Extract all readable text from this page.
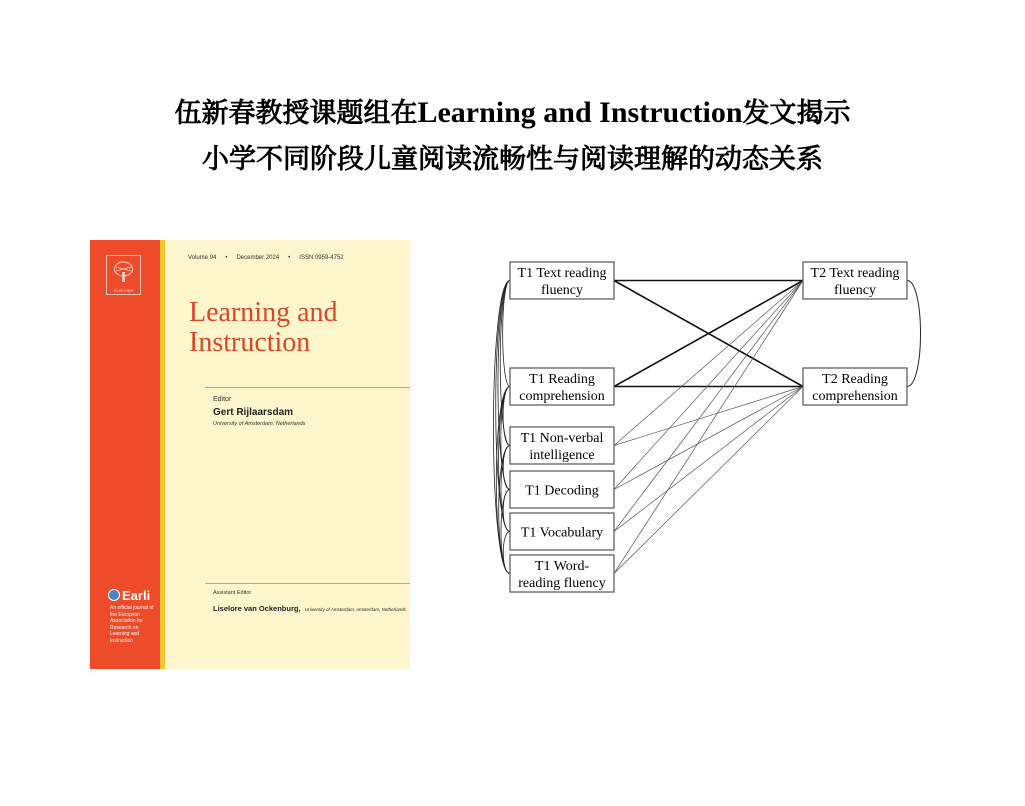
伍新春教授课题组在Learning and Instruction发文揭示
小学不同阶段儿童阅读流畅性与阅读理解的动态关系
ELSEVIER
Volume 94 • December 2024 • ISSN 0959-4752
Learning and
Instruction
Editor
Gert Rijlaarsdam
University of Amsterdam, Netherlands
Assistant Editor
Liselore van Ockenburg, University of Amsterdam, Amsterdam, Netherlands
Earli
An official journal of the European Association for Research on Learning and Instruction
T1 Text reading
fluency
T1 Reading
comprehension
T1 Non-verbal
intelligence
T1 Decoding
T1 Vocabulary
T1 Word-
reading fluency
T2 Text reading
fluency
T2 Reading
comprehension
